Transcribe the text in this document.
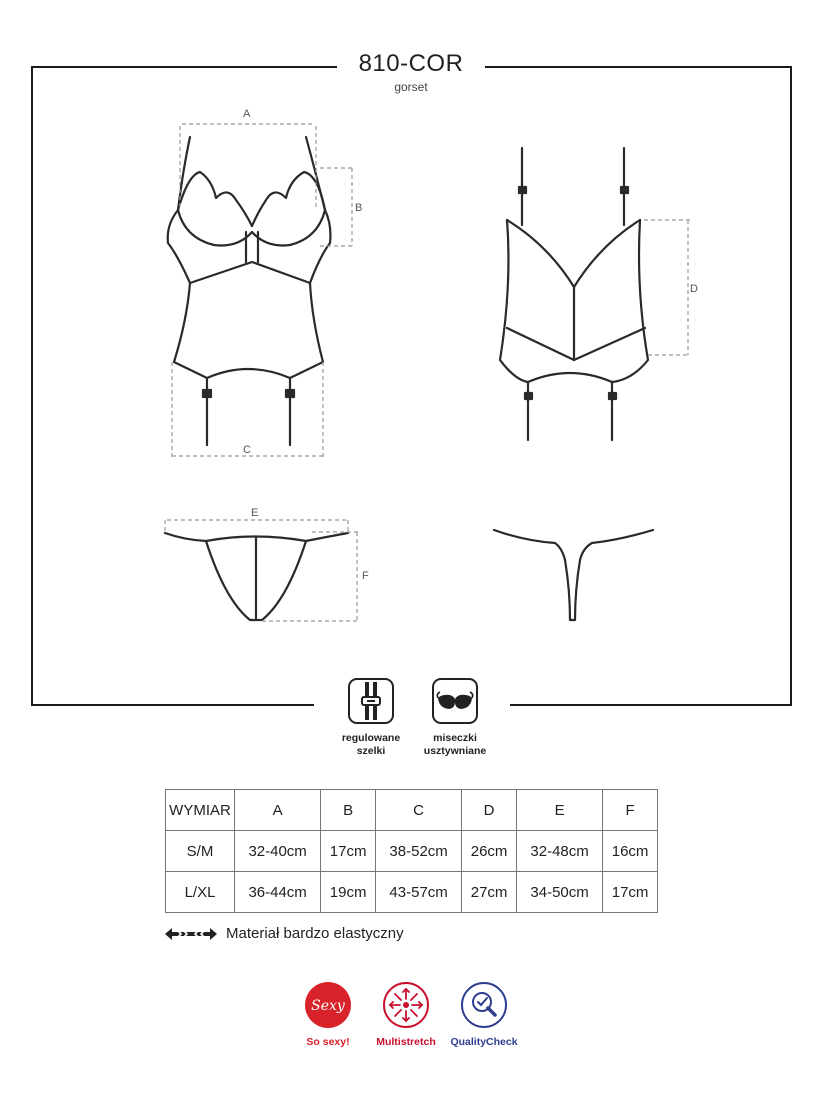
810-COR
gorset
A
B
C
D
E
F
regulowane
szelki
miseczki
usztywniane
WYMIAR	A	B	C	D	E	F
S/M	32-40cm	17cm	38-52cm	26cm	32-48cm	16cm
L/XL	36-44cm	19cm	43-57cm	27cm	34-50cm	17cm
Materiał bardzo elastyczny
Sexy
So sexy!	Multistretch	QualityCheck
